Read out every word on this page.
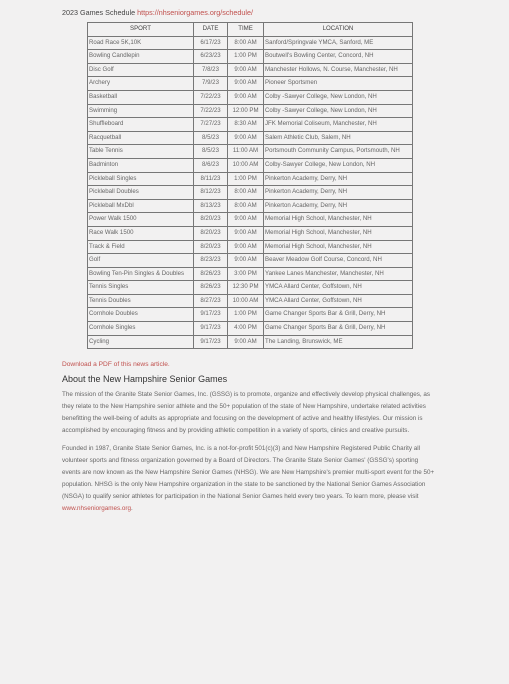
2023 Games Schedule https://nhseniorgames.org/schedule/
SPORT	DATE	TIME	LOCATION
Road Race 5K,10K	6/17/23	8:00 AM	Sanford/Springvale YMCA, Sanford, ME
Bowling Candlepin	6/23/23	1:00 PM	Boutwell's Bowling Center, Concord, NH
Disc Golf	7/8/23	9:00 AM	Manchester Hollows, N. Course, Manchester, NH
Archery	7/9/23	9:00 AM	Pioneer Sportsmen
Basketball	7/22/23	9:00 AM	Colby -Sawyer College, New London, NH
Swimming	7/22/23	12:00 PM	Colby -Sawyer College, New London, NH
Shuffleboard	7/27/23	8:30 AM	JFK Memorial Coliseum, Manchester, NH
Racquetball	8/5/23	9:00 AM	Salem Athletic Club, Salem, NH
Table Tennis	8/5/23	11:00 AM	Portsmouth Community Campus, Portsmouth, NH
Badminton	8/6/23	10:00 AM	Colby-Sawyer College, New London, NH
Pickleball Singles	8/11/23	1:00 PM	Pinkerton Academy, Derry, NH
Pickleball Doubles	8/12/23	8:00 AM	Pinkerton Academy, Derry, NH
Pickleball MxDbl	8/13/23	8:00 AM	Pinkerton Academy, Derry, NH
Power Walk 1500	8/20/23	9:00 AM	Memorial High School, Manchester, NH
Race Walk 1500	8/20/23	9:00 AM	Memorial High School, Manchester, NH
Track & Field	8/20/23	9:00 AM	Memorial High School, Manchester, NH
Golf	8/23/23	9:00 AM	Beaver Meadow Golf Course, Concord, NH
Bowling Ten-Pin Singles & Doubles	8/26/23	3:00 PM	Yankee Lanes Manchester, Manchester, NH
Tennis Singles	8/26/23	12:30 PM	YMCA Allard Center, Goffstown, NH
Tennis Doubles	8/27/23	10:00 AM	YMCA Allard Center, Goffstown, NH
Cornhole Doubles	9/17/23	1:00 PM	Game Changer Sports Bar & Grill, Derry, NH
Cornhole Singles	9/17/23	4:00 PM	Game Changer Sports Bar & Grill, Derry, NH
Cycling	9/17/23	9:00 AM	The Landing, Brunswick, ME
Download a PDF of this news article.
About the New Hampshire Senior Games

The mission of the Granite State Senior Games, Inc. (GSSG) is to promote, organize and effectively develop physical challenges, as they relate to the New Hampshire senior athlete and the 50+ population of the state of New Hampshire, undertake related activities benefitting the well-being of adults as appropriate and focusing on the development of active and healthy lifestyles. Our mission is accomplished by encouraging fitness and by providing athletic competition in a variety of sports, clinics and creative pursuits.

Founded in 1987, Granite State Senior Games, Inc. is a not-for-profit 501(c)(3) and New Hampshire Registered Public Charity all volunteer sports and fitness organization governed by a Board of Directors. The Granite State Senior Games' (GSSG's) sporting events are now known as the New Hampshire Senior Games (NHSG). We are New Hampshire's premier multi-sport event for the 50+ population. NHSG is the only New Hampshire organization in the state to be sanctioned by the National Senior Games Association (NSGA) to qualify senior athletes for participation in the National Senior Games held every two years. To learn more, please visit www.nhseniorgames.org.
